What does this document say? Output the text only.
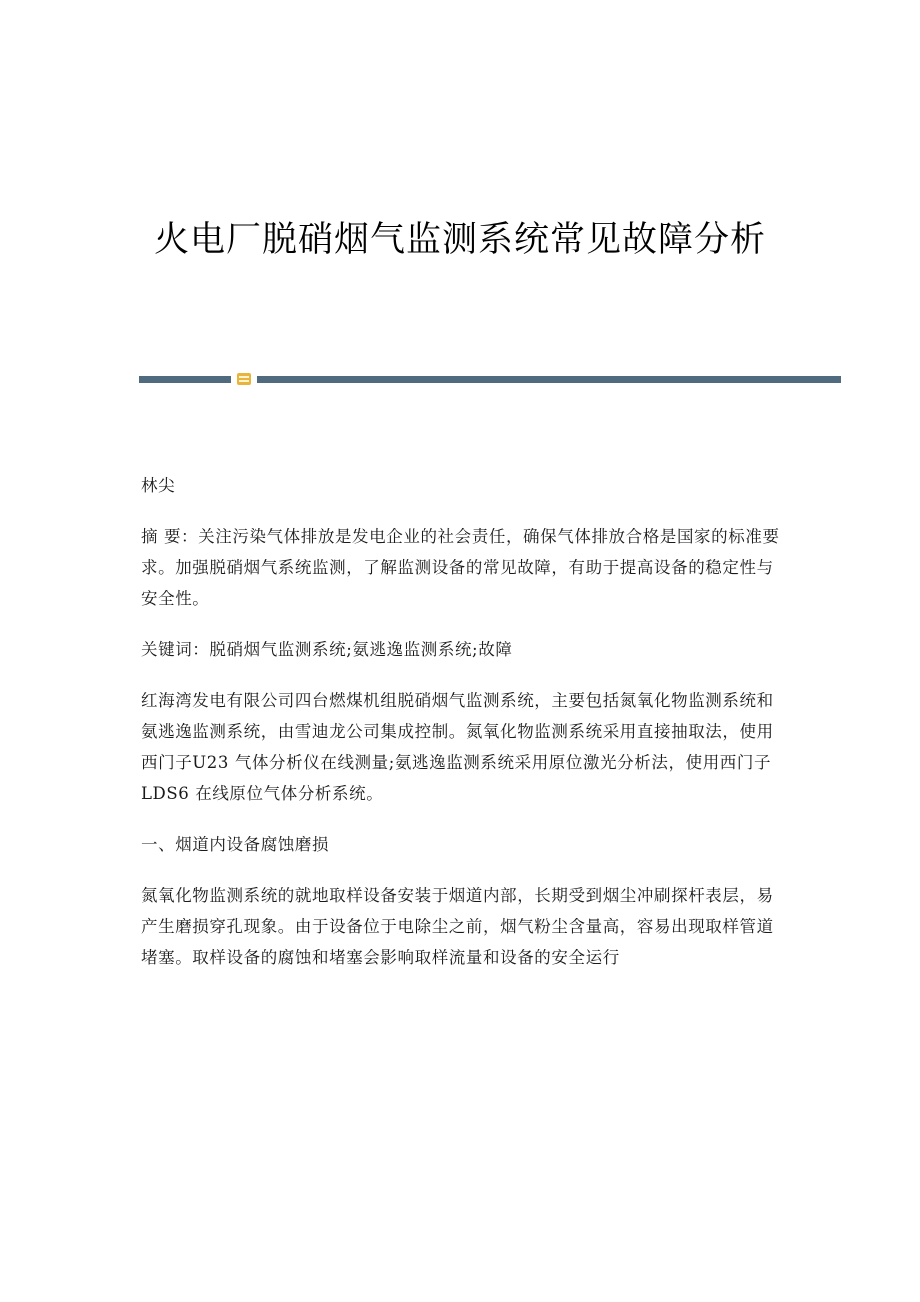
火电厂脱硝烟气监测系统常见故障分析

林尖

摘 要：关注污染气体排放是发电企业的社会责任，确保气体排放合格是国家的标准要求。加强脱硝烟气系统监测，了解监测设备的常见故障，有助于提高设备的稳定性与安全性。

关键词：脱硝烟气监测系统;氨逃逸监测系统;故障

红海湾发电有限公司四台燃煤机组脱硝烟气监测系统，主要包括氮氧化物监测系统和氨逃逸监测系统，由雪迪龙公司集成控制。氮氧化物监测系统采用直接抽取法，使用西门子U23 气体分析仪在线测量;氨逃逸监测系统采用原位激光分析法，使用西门子LDS6 在线原位气体分析系统。

一、烟道内设备腐蚀磨损

氮氧化物监测系统的就地取样设备安装于烟道内部，长期受到烟尘冲刷探杆表层，易产生磨损穿孔现象。由于设备位于电除尘之前，烟气粉尘含量高，容易出现取样管道堵塞。取样设备的腐蚀和堵塞会影响取样流量和设备的安全运行
